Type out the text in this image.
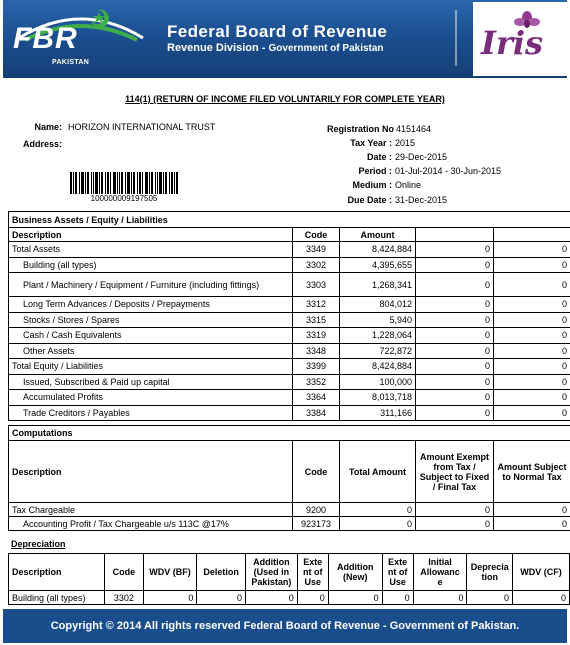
FBR
PAKISTAN
Federal Board of Revenue
Revenue Division - Government of Pakistan	Iris
114(1) (RETURN OF INCOME FILED VOLUNTARILY FOR COMPLETE YEAR)
Name: HORIZON INTERNATIONAL TRUST
Address:
100000009197505
Registration No 4151464
Tax Year : 2015
Date : 29-Dec-2015
Period : 01-Jul-2014 - 30-Jun-2015
Medium : Online
Due Date : 31-Dec-2015
Business Assets / Equity / Liabilities				
Description	Code	Amount		
Total Assets	3349	8,424,884	0	0
Building (all types)	3302	4,395,655	0	0
Plant / Machinery / Equipment / Furniture (including fittings)	3303	1,268,341	0	0
Long Term Advances / Deposits / Prepayments	3312	804,012	0	0
Stocks / Stores / Spares	3315	5,940	0	0
Cash / Cash Equivalents	3319	1,228,064	0	0
Other Assets	3348	722,872	0	0
Total Equity / Liabilities	3399	8,424,884	0	0
Issued, Subscribed & Paid up capital	3352	100,000	0	0
Accumulated Profits	3364	8,013,718	0	0
Trade Creditors / Payables	3384	311,166	0	0
Computations				
Description	Code	Total Amount	Amount Exempt from Tax / Subject to Fixed / Final Tax	Amount Subject to Normal Tax
Tax Chargeable	9200	0	0	0
Accounting Profit / Tax Chargeable u/s 113C @17%	923173	0	0	0
Depreciation
Description	Code	WDV (BF)	Deletion	Addition (Used in Pakistan)	Exte nt of Use	Addition (New)	Exte nt of Use	Initial Allowanc e	Deprecia tion	WDV (CF)
Building (all types)	3302	0	0	0	0	0	0	0	0	0
Copyright © 2014 All rights reserved Federal Board of Revenue - Government of Pakistan.
